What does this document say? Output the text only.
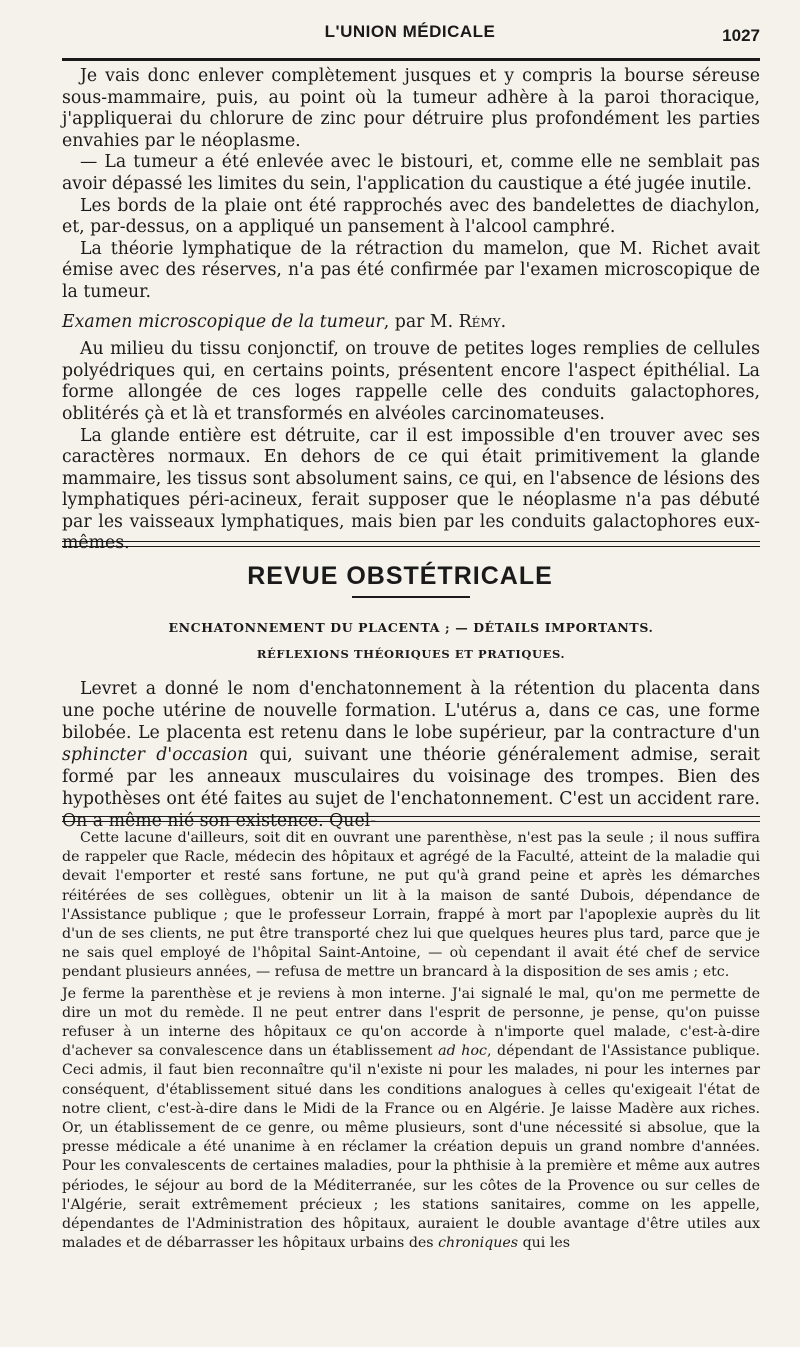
L'UNION MÉDICALE	1027

Je vais donc enlever complètement jusques et y compris la bourse séreuse sous-mammaire, puis, au point où la tumeur adhère à la paroi thoracique, j'appliquerai du chlorure de zinc pour détruire plus profondément les parties envahies par le néoplasme.

— La tumeur a été enlevée avec le bistouri, et, comme elle ne semblait pas avoir dépassé les limites du sein, l'application du caustique a été jugée inutile.

Les bords de la plaie ont été rapprochés avec des bandelettes de diachylon, et, par-dessus, on a appliqué un pansement à l'alcool camphré.

La théorie lymphatique de la rétraction du mamelon, que M. Richet avait émise avec des réserves, n'a pas été confirmée par l'examen microscopique de la tumeur.

Examen microscopique de la tumeur, par M. Rémy.

Au milieu du tissu conjonctif, on trouve de petites loges remplies de cellules polyédriques qui, en certains points, présentent encore l'aspect épithélial. La forme allongée de ces loges rappelle celle des conduits galactophores, oblitérés çà et là et transformés en alvéoles carcinomateuses.

La glande entière est détruite, car il est impossible d'en trouver avec ses caractères normaux. En dehors de ce qui était primitivement la glande mammaire, les tissus sont absolument sains, ce qui, en l'absence de lésions des lymphatiques péri-acineux, ferait supposer que le néoplasme n'a pas débuté par les vaisseaux lymphatiques, mais bien par les conduits galactophores eux-mêmes.

REVUE OBSTÉTRICALE
ENCHATONNEMENT DU PLACENTA ; — DÉTAILS IMPORTANTS.
RÉFLEXIONS THÉORIQUES ET PRATIQUES.

Levret a donné le nom d'enchatonnement à la rétention du placenta dans une poche utérine de nouvelle formation. L'utérus a, dans ce cas, une forme bilobée. Le placenta est retenu dans le lobe supérieur, par la contracture d'un sphincter d'occasion qui, suivant une théorie généralement admise, serait formé par les anneaux musculaires du voisinage des trompes. Bien des hypothèses ont été faites au sujet de l'enchatonnement. C'est un accident rare. On a même nié son existence. Quel-

Cette lacune d'ailleurs, soit dit en ouvrant une parenthèse, n'est pas la seule ; il nous suffira de rappeler que Racle, médecin des hôpitaux et agrégé de la Faculté, atteint de la maladie qui devait l'emporter et resté sans fortune, ne put qu'à grand peine et après les démarches réitérées de ses collègues, obtenir un lit à la maison de santé Dubois, dépendance de l'Assistance publique ; que le professeur Lorrain, frappé à mort par l'apoplexie auprès du lit d'un de ses clients, ne put être transporté chez lui que quelques heures plus tard, parce que je ne sais quel employé de l'hôpital Saint-Antoine, — où cependant il avait été chef de service pendant plusieurs années, — refusa de mettre un brancard à la disposition de ses amis ; etc.

Je ferme la parenthèse et je reviens à mon interne. J'ai signalé le mal, qu'on me permette de dire un mot du remède. Il ne peut entrer dans l'esprit de personne, je pense, qu'on puisse refuser à un interne des hôpitaux ce qu'on accorde à n'importe quel malade, c'est-à-dire d'achever sa convalescence dans un établissement ad hoc, dépendant de l'Assistance publique. Ceci admis, il faut bien reconnaître qu'il n'existe ni pour les malades, ni pour les internes par conséquent, d'établissement situé dans les conditions analogues à celles qu'exigeait l'état de notre client, c'est-à-dire dans le Midi de la France ou en Algérie. Je laisse Madère aux riches. Or, un établissement de ce genre, ou même plusieurs, sont d'une nécessité si absolue, que la presse médicale a été unanime à en réclamer la création depuis un grand nombre d'années. Pour les convalescents de certaines maladies, pour la phthisie à la première et même aux autres périodes, le séjour au bord de la Méditerranée, sur les côtes de la Provence ou sur celles de l'Algérie, serait extrêmement précieux ; les stations sanitaires, comme on les appelle, dépendantes de l'Administration des hôpitaux, auraient le double avantage d'être utiles aux malades et de débarrasser les hôpitaux urbains des chroniques qui les
